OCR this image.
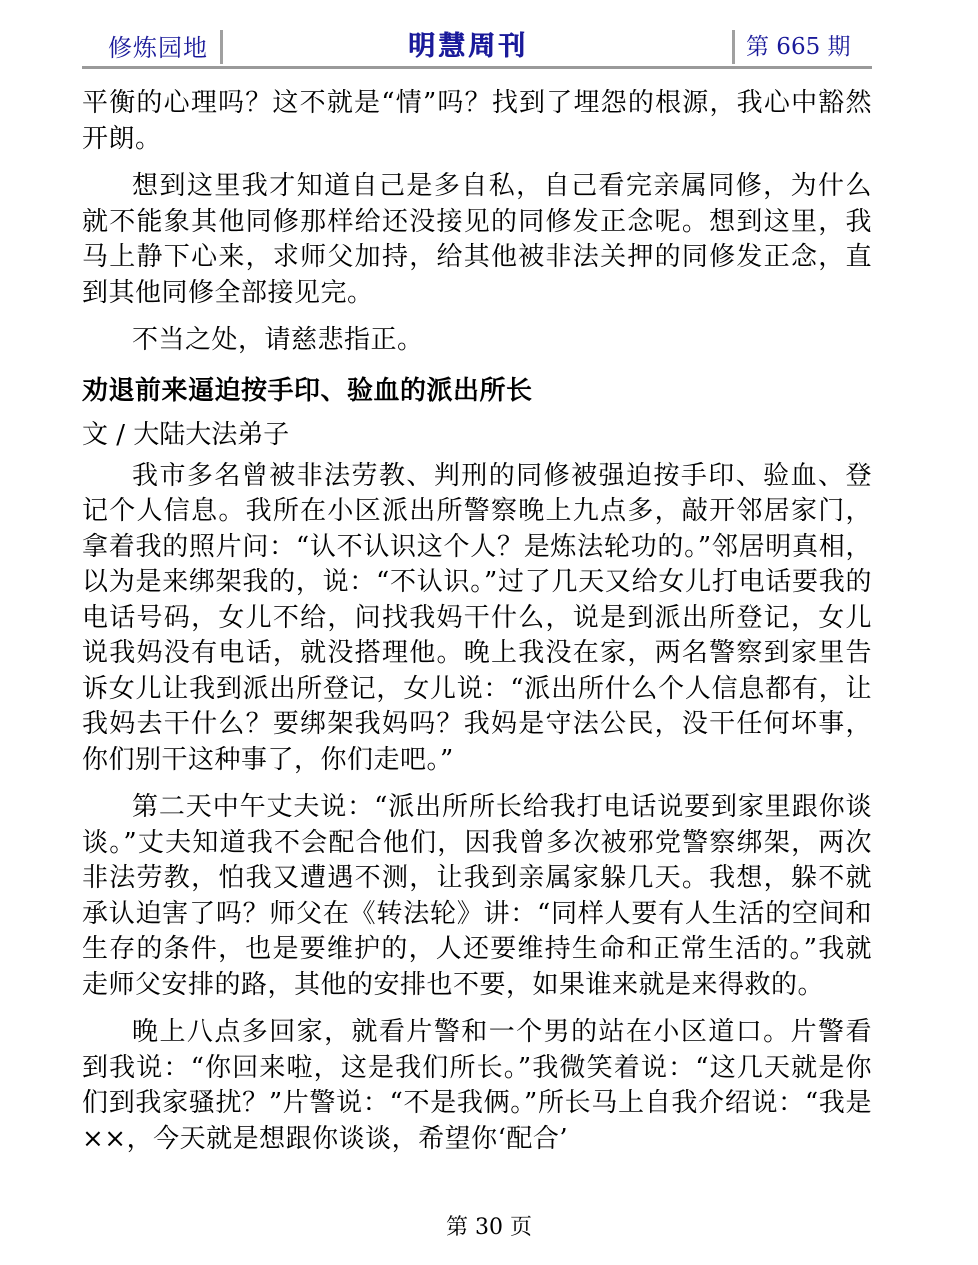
修炼园地	明慧周刊	第 665 期

平衡的心理吗？这不就是“情”吗？找到了埋怨的根源，我心中豁然开朗。

想到这里我才知道自己是多自私，自己看完亲属同修，为什么就不能象其他同修那样给还没接见的同修发正念呢。想到这里，我马上静下心来，求师父加持，给其他被非法关押的同修发正念，直到其他同修全部接见完。

不当之处，请慈悲指正。

劝退前来逼迫按手印、验血的派出所长

文 / 大陆大法弟子

我市多名曾被非法劳教、判刑的同修被强迫按手印、验血、登记个人信息。我所在小区派出所警察晚上九点多，敲开邻居家门，拿着我的照片问：“认不认识这个人？是炼法轮功的。”邻居明真相，以为是来绑架我的，说：“不认识。”过了几天又给女儿打电话要我的电话号码，女儿不给，问找我妈干什么，说是到派出所登记，女儿说我妈没有电话，就没搭理他。晚上我没在家，两名警察到家里告诉女儿让我到派出所登记，女儿说：“派出所什么个人信息都有，让我妈去干什么？要绑架我妈吗？我妈是守法公民，没干任何坏事，你们别干这种事了，你们走吧。”

第二天中午丈夫说：“派出所所长给我打电话说要到家里跟你谈谈。”丈夫知道我不会配合他们，因我曾多次被邪党警察绑架，两次非法劳教，怕我又遭遇不测，让我到亲属家躲几天。我想，躲不就承认迫害了吗？师父在《转法轮》讲：“同样人要有人生活的空间和生存的条件，也是要维护的，人还要维持生命和正常生活的。”我就走师父安排的路，其他的安排也不要，如果谁来就是来得救的。

晚上八点多回家，就看片警和一个男的站在小区道口。片警看到我说：“你回来啦，这是我们所长。”我微笑着说：“这几天就是你们到我家骚扰？”片警说：“不是我俩。”所长马上自我介绍说：“我是××，今天就是想跟你谈谈，希望你‘配合’

第 30 页
